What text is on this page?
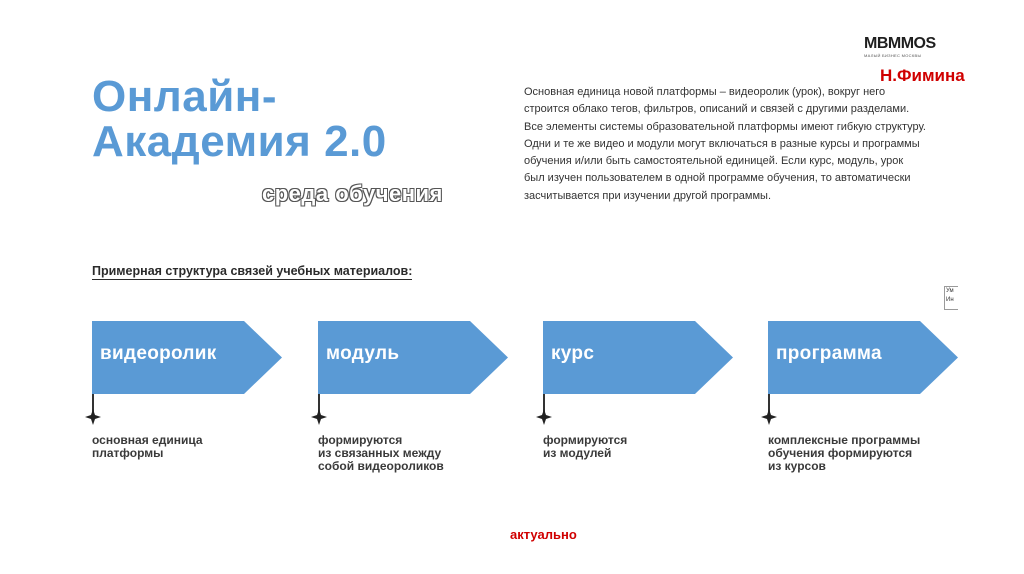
MBMMOS
МАЛЫЙ БИЗНЕС МОСКВЫ
Н.Фимина
Онлайн-
Академия 2.0
среда обучения
Основная единица новой платформы – видеоролик (урок), вокруг него
строится облако тегов, фильтров, описаний и связей с другими разделами.
Все элементы системы образовательной платформы имеют гибкую структуру.
Одни и те же видео и модули могут включаться в разные курсы и программы
обучения и/или быть самостоятельной единицей. Если курс, модуль, урок
был изучен пользователем в одной программе обучения, то автоматически
засчитывается при изучении другой программы.
Примерная структура связей учебных материалов:
видеоролик
основная единица
платформы
модуль
формируются
из связанных между
собой видеороликов
курс
формируются
из модулей
программа
комплексные программы
обучения формируются
из курсов
Ум
Ин
актуально
